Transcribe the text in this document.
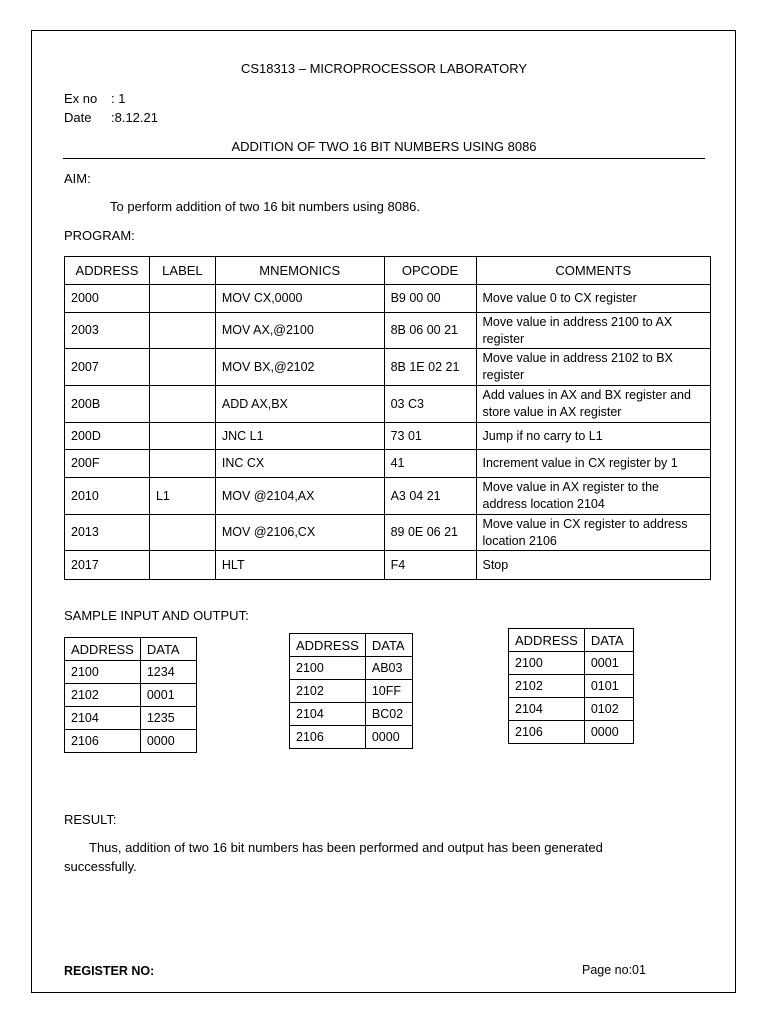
CS18313 – MICROPROCESSOR LABORATORY
Ex no : 1
Date :8.12.21
ADDITION OF TWO 16 BIT NUMBERS USING 8086
AIM:
To perform addition of two 16 bit numbers using 8086.
PROGRAM:
ADDRESS	LABEL	MNEMONICS	OPCODE	COMMENTS
2000		MOV CX,0000	B9 00 00	Move value 0 to CX register
2003		MOV AX,@2100	8B 06 00 21	Move value in address 2100 to AX register
2007		MOV BX,@2102	8B 1E 02 21	Move value in address 2102 to BX register
200B		ADD AX,BX	03 C3	Add values in AX and BX register and store value in AX register
200D		JNC L1	73 01	Jump if no carry to L1
200F		INC CX	41	Increment value in CX register by 1
2010	L1	MOV @2104,AX	A3 04 21	Move value in AX register to the address location 2104
2013		MOV @2106,CX	89 0E 06 21	Move value in CX register to address location 2106
2017		HLT	F4	Stop
SAMPLE INPUT AND OUTPUT:
ADDRESS	DATA
2100	1234
2102	0001
2104	1235
2106	0000
ADDRESS	DATA
2100	AB03
2102	10FF
2104	BC02
2106	0000
ADDRESS	DATA
2100	0001
2102	0101
2104	0102
2106	0000
RESULT:
Thus, addition of two 16 bit numbers has been performed and output has been generated
successfully.
REGISTER NO:	Page no:01
